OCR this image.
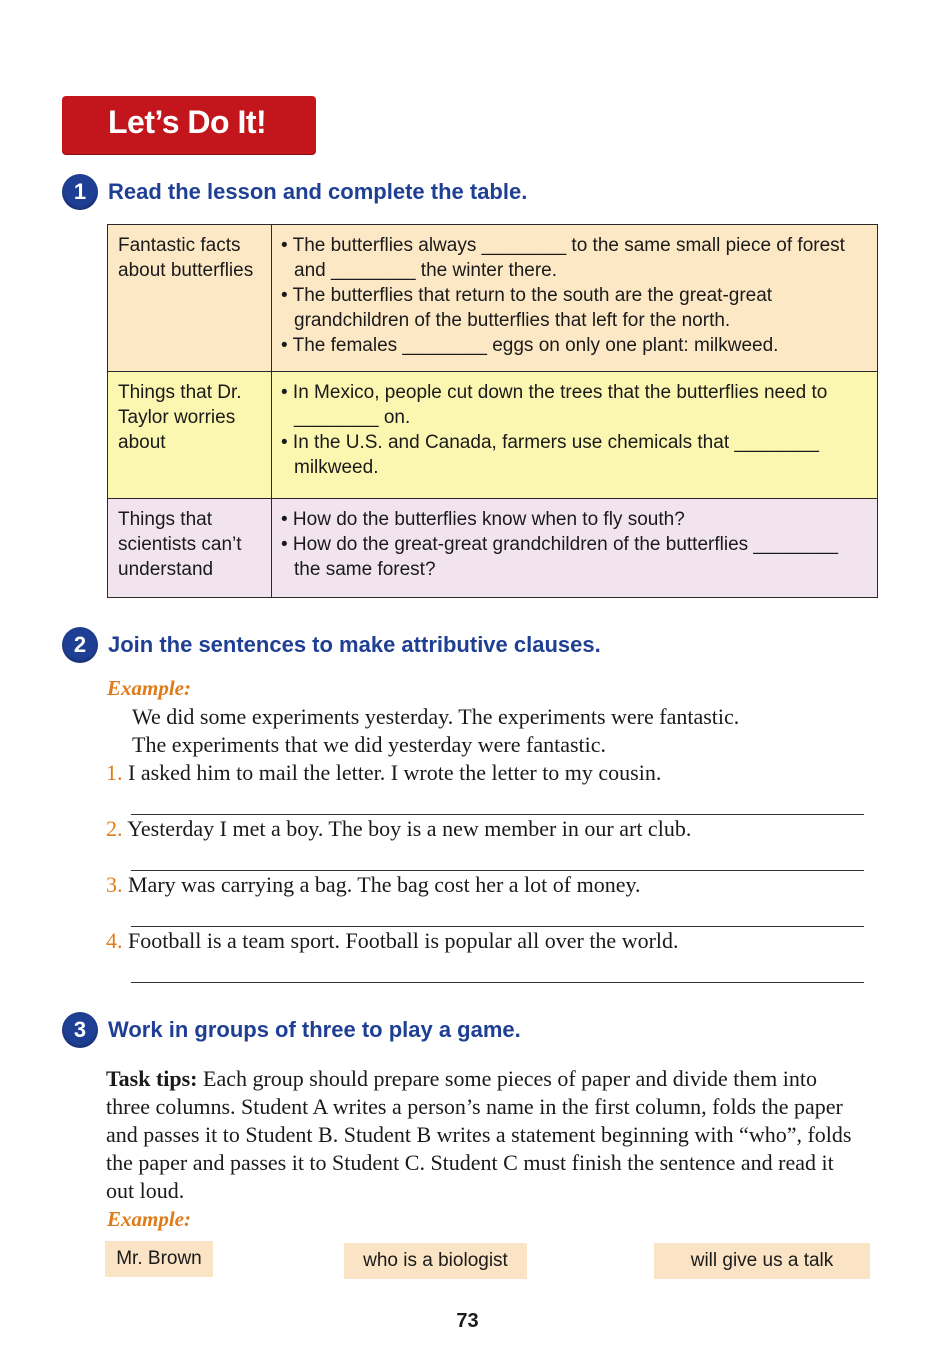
Let’s Do It!
1 Read the lesson and complete the table.
Fantastic facts about butterflies	• The butterflies always ________ to the same small piece of forest and ________ the winter there.
• The butterflies that return to the south are the great-great grandchildren of the butterflies that left for the north.
• The females ________ eggs on only one plant: milkweed.

Things that Dr. Taylor worries about	• In Mexico, people cut down the trees that the butterflies need to ________ on.
• In the U.S. and Canada, farmers use chemicals that ________ milkweed.

Things that scientists can’t understand	• How do the butterflies know when to fly south?
• How do the great-great grandchildren of the butterflies ________ the same forest?
2 Join the sentences to make attributive clauses.
Example:
We did some experiments yesterday. The experiments were fantastic.
The experiments that we did yesterday were fantastic.
1. I asked him to mail the letter. I wrote the letter to my cousin.
2. Yesterday I met a boy. The boy is a new member in our art club.
3. Mary was carrying a bag. The bag cost her a lot of money.
4. Football is a team sport. Football is popular all over the world.
3 Work in groups of three to play a game.
Task tips: Each group should prepare some pieces of paper and divide them into three columns. Student A writes a person’s name in the first column, folds the paper and passes it to Student B. Student B writes a statement beginning with “who”, folds the paper and passes it to Student C. Student C must finish the sentence and read it out loud.
Example:
Mr. Brown	who is a biologist	will give us a talk
73
